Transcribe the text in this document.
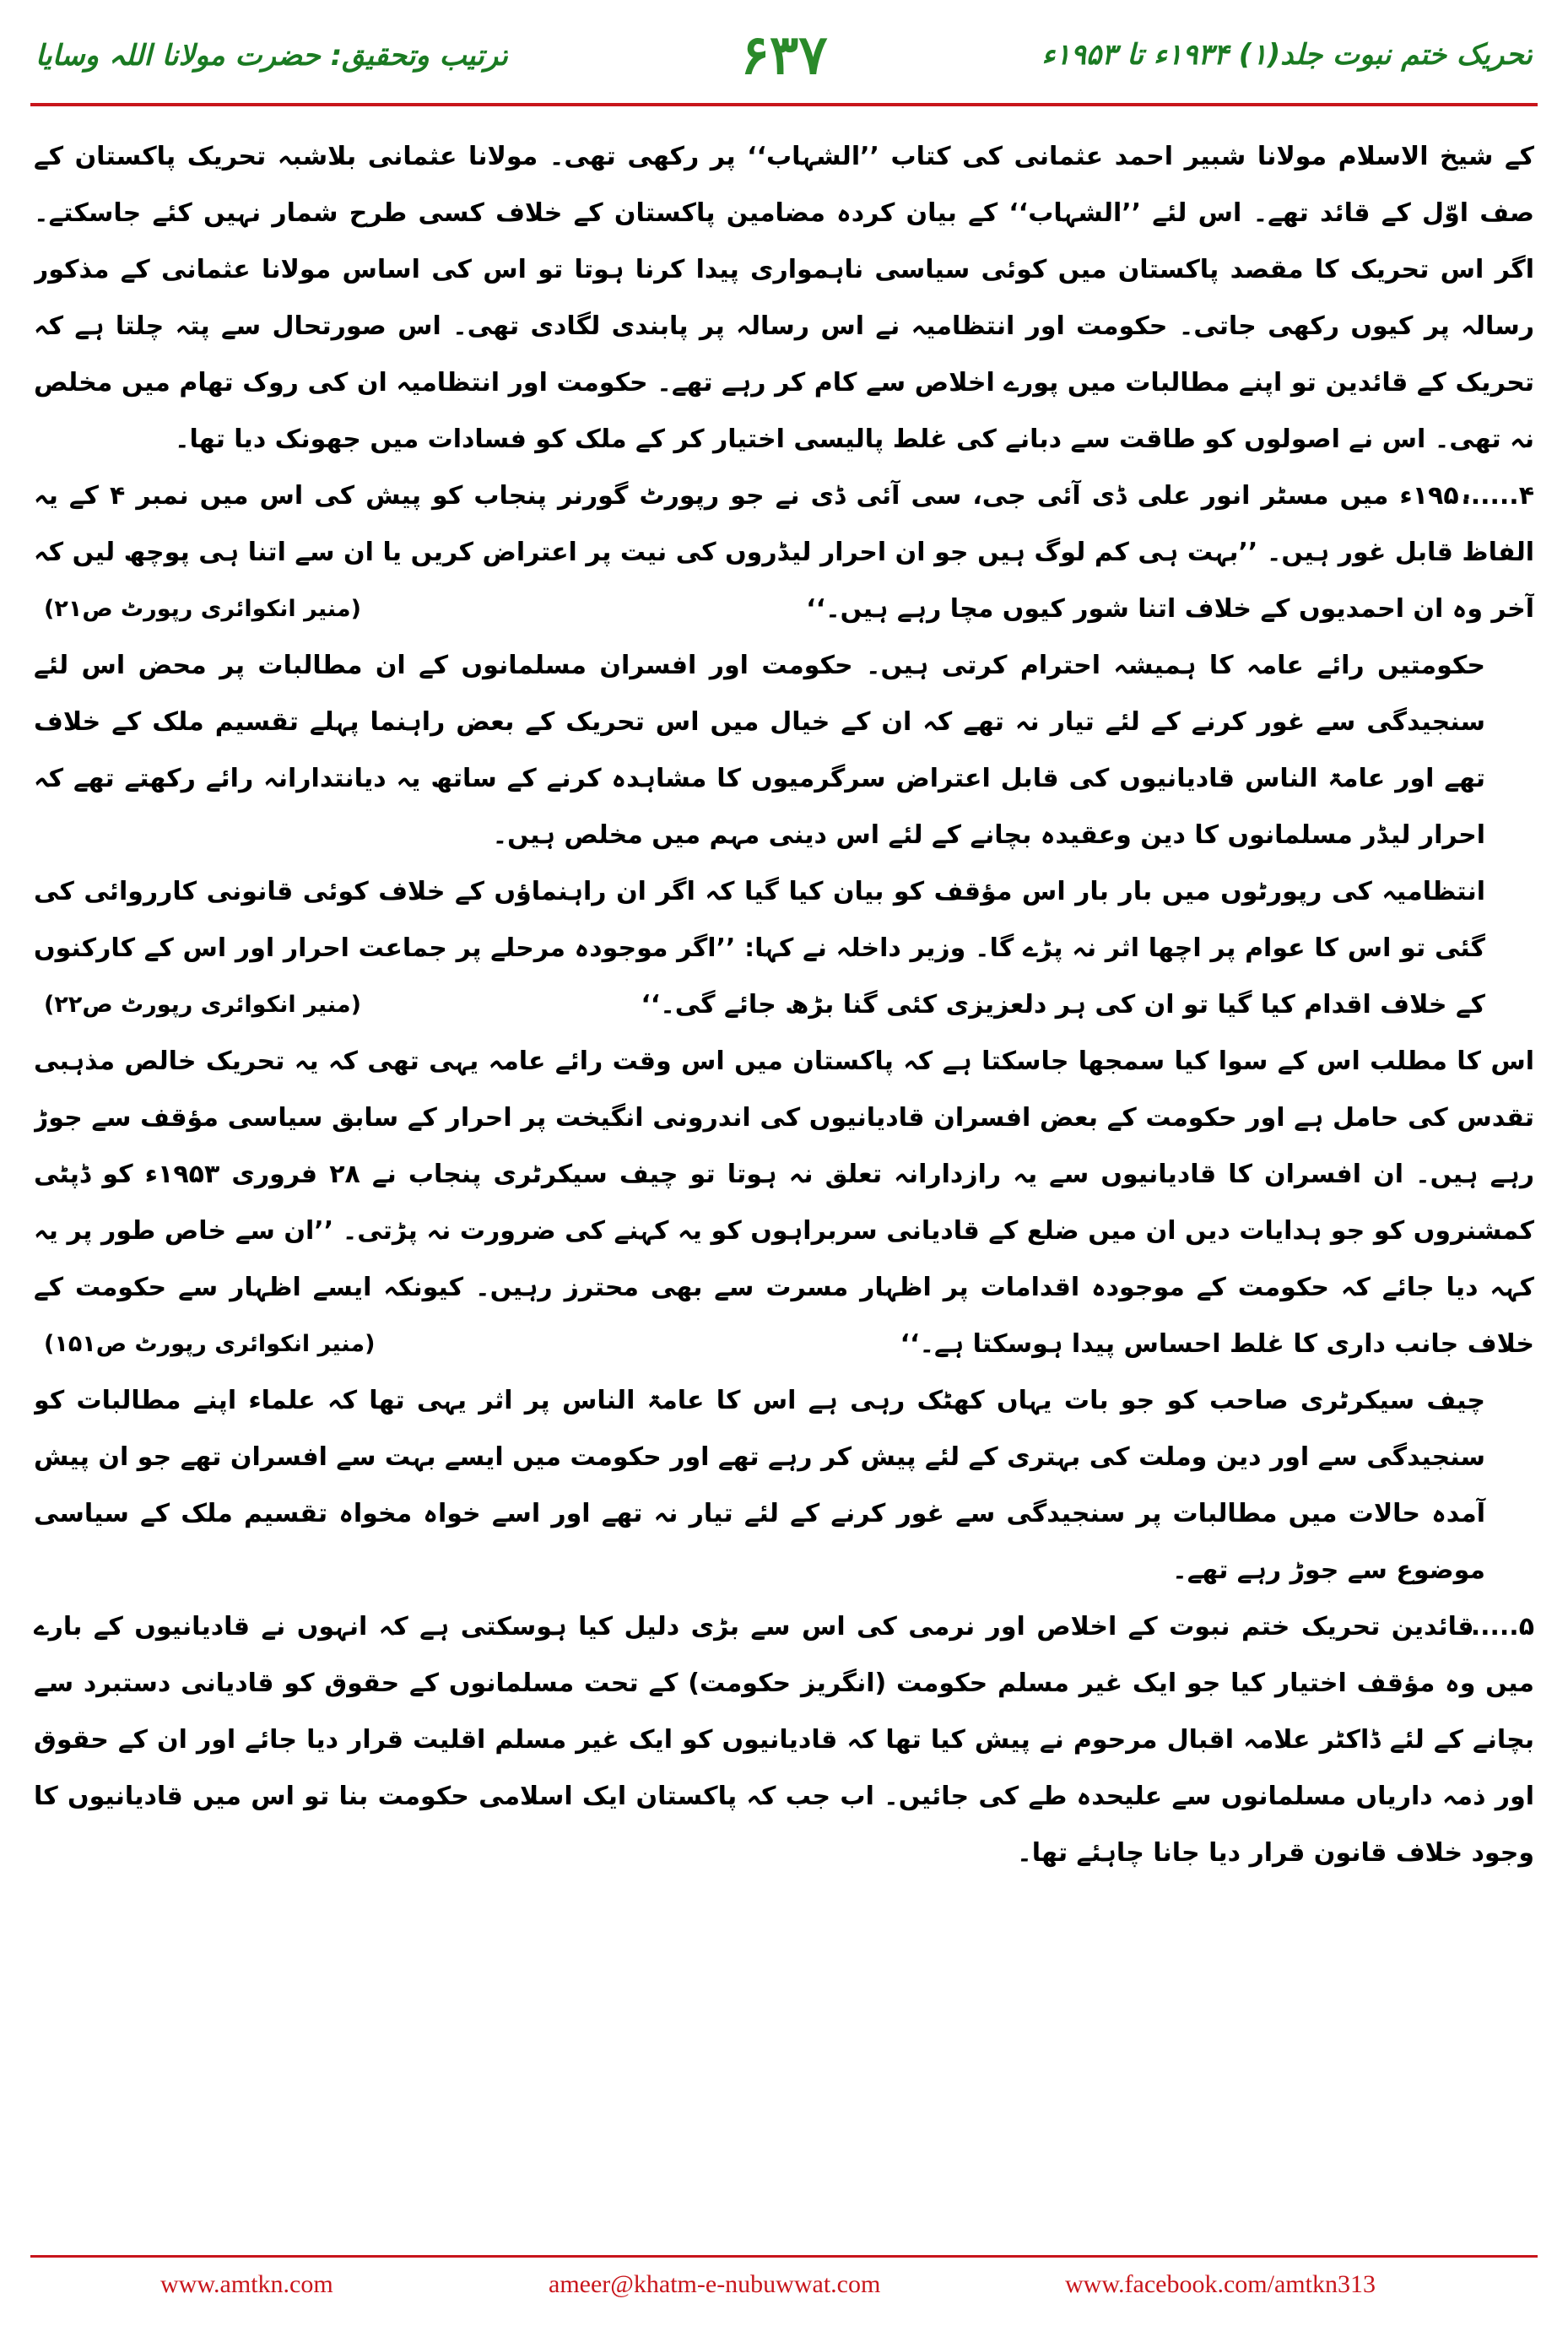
تحریک ختم نبوت جلد(۱) ۱۹۳۴ء تا ۱۹۵۳ء
۶۳۷
ترتیب وتحقیق: حضرت مولانا اللہ وسایا

کے شیخ الاسلام مولانا شبیر احمد عثمانی کی کتاب ’’الشہاب‘‘ پر رکھی تھی۔ مولانا عثمانی بلاشبہ تحریک پاکستان کے صف اوّل کے قائد تھے۔ اس لئے ’’الشہاب‘‘ کے بیان کردہ مضامین پاکستان کے خلاف کسی طرح شمار نہیں کئے جاسکتے۔ اگر اس تحریک کا مقصد پاکستان میں کوئی سیاسی ناہمواری پیدا کرنا ہوتا تو اس کی اساس مولانا عثمانی کے مذکور رسالہ پر کیوں رکھی جاتی۔ حکومت اور انتظامیہ نے اس رسالہ پر پابندی لگادی تھی۔ اس صورتحال سے پتہ چلتا ہے کہ تحریک کے قائدین تو اپنے مطالبات میں پورے اخلاص سے کام کر رہے تھے۔ حکومت اور انتظامیہ ان کی روک تھام میں مخلص نہ تھی۔ اس نے اصولوں کو طاقت سے دبانے کی غلط پالیسی اختیار کر کے ملک کو فسادات میں جھونک دیا تھا۔

۴...... ۱۹۵۰ء میں مسٹر انور علی ڈی آئی جی، سی آئی ڈی نے جو رپورٹ گورنر پنجاب کو پیش کی اس میں نمبر ۴ کے یہ الفاظ قابل غور ہیں۔ ’’بہت ہی کم لوگ ہیں جو ان احرار لیڈروں کی نیت پر اعتراض کریں یا ان سے اتنا ہی پوچھ لیں کہ آخر وہ ان احمدیوں کے خلاف اتنا شور کیوں مچا رہے ہیں۔‘‘
(منیر انکوائری رپورٹ ص۲۱)

حکومتیں رائے عامہ کا ہمیشہ احترام کرتی ہیں۔ حکومت اور افسران مسلمانوں کے ان مطالبات پر محض اس لئے سنجیدگی سے غور کرنے کے لئے تیار نہ تھے کہ ان کے خیال میں اس تحریک کے بعض راہنما پہلے تقسیم ملک کے خلاف تھے اور عامۃ الناس قادیانیوں کی قابل اعتراض سرگرمیوں کا مشاہدہ کرنے کے ساتھ یہ دیانتدارانہ رائے رکھتے تھے کہ احرار لیڈر مسلمانوں کا دین وعقیدہ بچانے کے لئے اس دینی مہم میں مخلص ہیں۔

انتظامیہ کی رپورٹوں میں بار بار اس مؤقف کو بیان کیا گیا کہ اگر ان راہنماؤں کے خلاف کوئی قانونی کارروائی کی گئی تو اس کا عوام پر اچھا اثر نہ پڑے گا۔ وزیر داخلہ نے کہا: ’’اگر موجودہ مرحلے پر جماعت احرار اور اس کے کارکنوں کے خلاف اقدام کیا گیا تو ان کی ہر دلعزیزی کئی گنا بڑھ جائے گی۔‘‘
(منیر انکوائری رپورٹ ص۲۲)

اس کا مطلب اس کے سوا کیا سمجھا جاسکتا ہے کہ پاکستان میں اس وقت رائے عامہ یہی تھی کہ یہ تحریک خالص مذہبی تقدس کی حامل ہے اور حکومت کے بعض افسران قادیانیوں کی اندرونی انگیخت پر احرار کے سابق سیاسی مؤقف سے جوڑ رہے ہیں۔ ان افسران کا قادیانیوں سے یہ رازدارانہ تعلق نہ ہوتا تو چیف سیکرٹری پنجاب نے ۲۸ فروری ۱۹۵۳ء کو ڈپٹی کمشنروں کو جو ہدایات دیں ان میں ضلع کے قادیانی سربراہوں کو یہ کہنے کی ضرورت نہ پڑتی۔ ’’ان سے خاص طور پر یہ کہہ دیا جائے کہ حکومت کے موجودہ اقدامات پر اظہار مسرت سے بھی محترز رہیں۔ کیونکہ ایسے اظہار سے حکومت کے خلاف جانب داری کا غلط احساس پیدا ہوسکتا ہے۔‘‘
(منیر انکوائری رپورٹ ص۱۵۱)

چیف سیکرٹری صاحب کو جو بات یہاں کھٹک رہی ہے اس کا عامۃ الناس پر اثر یہی تھا کہ علماء اپنے مطالبات کو سنجیدگی سے اور دین وملت کی بہتری کے لئے پیش کر رہے تھے اور حکومت میں ایسے بہت سے افسران تھے جو ان پیش آمدہ حالات میں مطالبات پر سنجیدگی سے غور کرنے کے لئے تیار نہ تھے اور اسے خواہ مخواہ تقسیم ملک کے سیاسی موضوع سے جوڑ رہے تھے۔

۵...... قائدین تحریک ختم نبوت کے اخلاص اور نرمی کی اس سے بڑی دلیل کیا ہوسکتی ہے کہ انہوں نے قادیانیوں کے بارے میں وہ مؤقف اختیار کیا جو ایک غیر مسلم حکومت (انگریز حکومت) کے تحت مسلمانوں کے حقوق کو قادیانی دستبرد سے بچانے کے لئے ڈاکٹر علامہ اقبال مرحوم نے پیش کیا تھا کہ قادیانیوں کو ایک غیر مسلم اقلیت قرار دیا جائے اور ان کے حقوق اور ذمہ داریاں مسلمانوں سے علیحدہ طے کی جائیں۔ اب جب کہ پاکستان ایک اسلامی حکومت بنا تو اس میں قادیانیوں کا وجود خلاف قانون قرار دیا جانا چاہئے تھا۔

www.amtkn.com	ameer@khatm-e-nubuwwat.com	www.facebook.com/amtkn313
